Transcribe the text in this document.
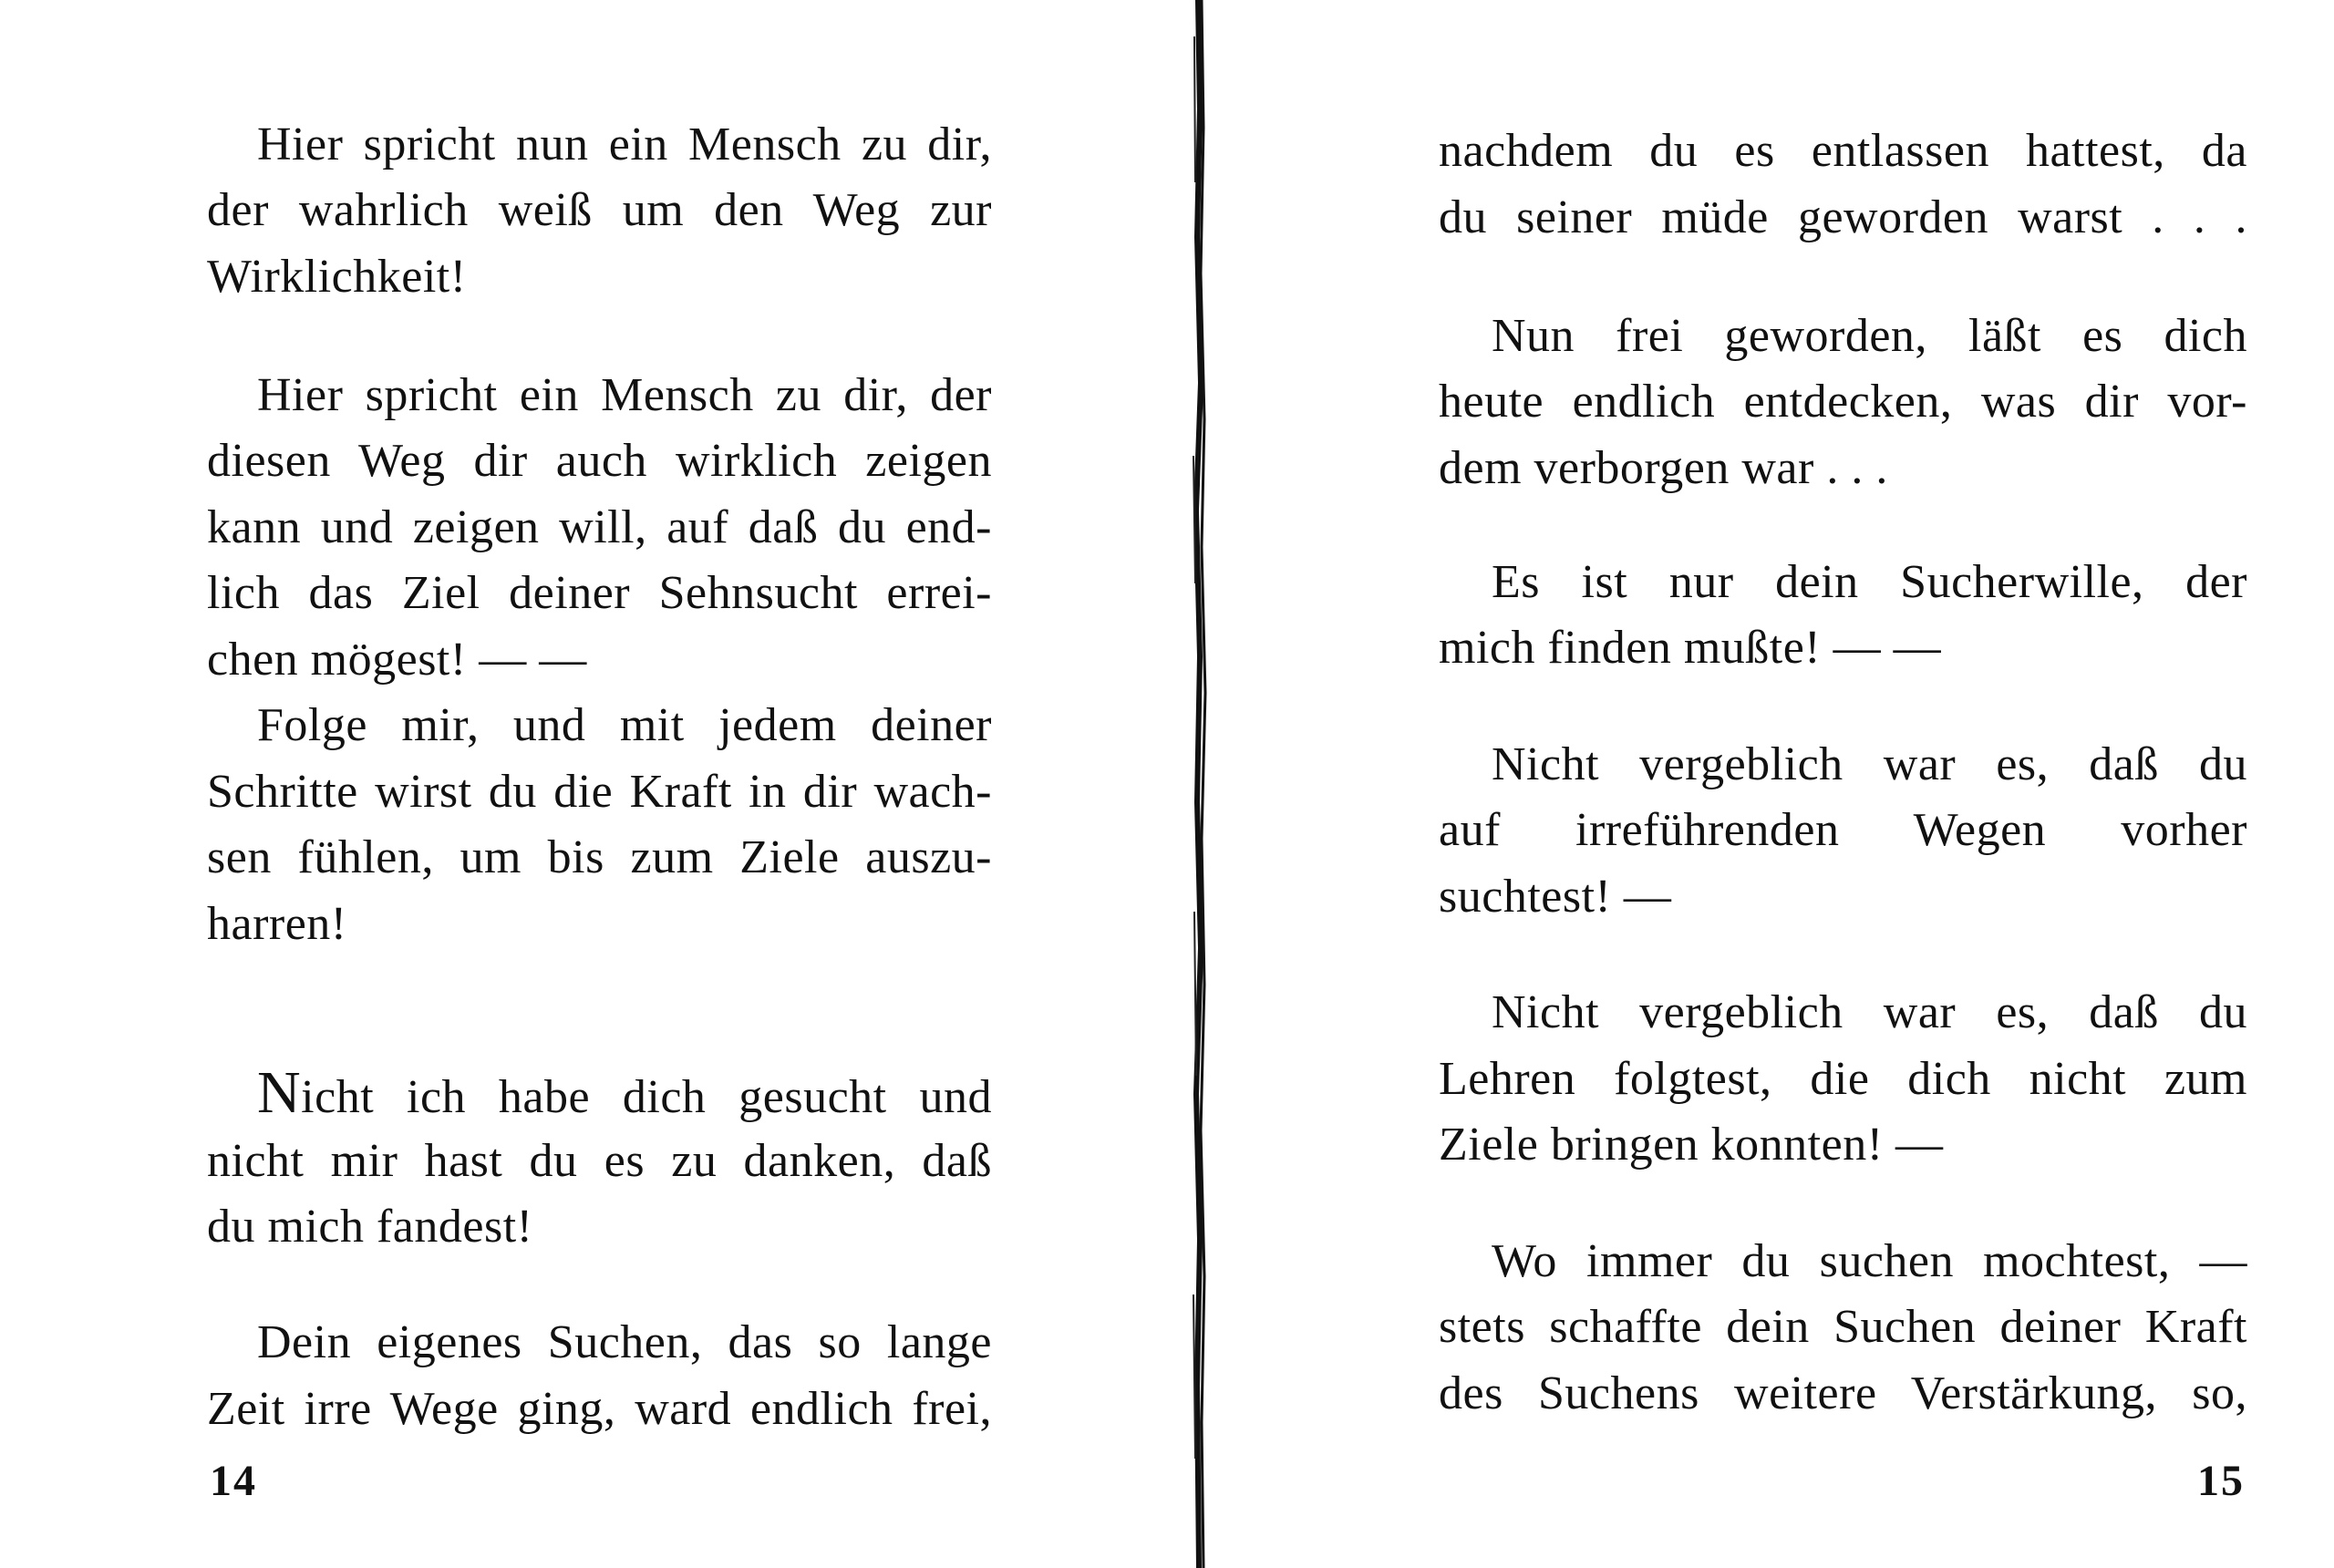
Hier spricht nun ein Mensch zu dir,
der wahrlich weiß um den Weg zur
Wirklichkeit!
Hier spricht ein Mensch zu dir, der
diesen Weg dir auch wirklich zeigen
kann und zeigen will, auf daß du end-
lich das Ziel deiner Sehnsucht errei-
chen mögest! — —
Folge mir, und mit jedem deiner
Schritte wirst du die Kraft in dir wach-
sen fühlen, um bis zum Ziele auszu-
harren!
Nicht ich habe dich gesucht und
nicht mir hast du es zu danken, daß
du mich fandest!
Dein eigenes Suchen, das so lange
Zeit irre Wege ging, ward endlich frei,
14
nachdem du es entlassen hattest, da
du seiner müde geworden warst . . .
Nun frei geworden, läßt es dich
heute endlich entdecken, was dir vor-
dem verborgen war . . .
Es ist nur dein Sucherwille, der
mich finden mußte! — —
Nicht vergeblich war es, daß du
auf irreführenden Wegen vorher
suchtest! —
Nicht vergeblich war es, daß du
Lehren folgtest, die dich nicht zum
Ziele bringen konnten! —
Wo immer du suchen mochtest, —
stets schaffte dein Suchen deiner Kraft
des Suchens weitere Verstärkung, so,
15
